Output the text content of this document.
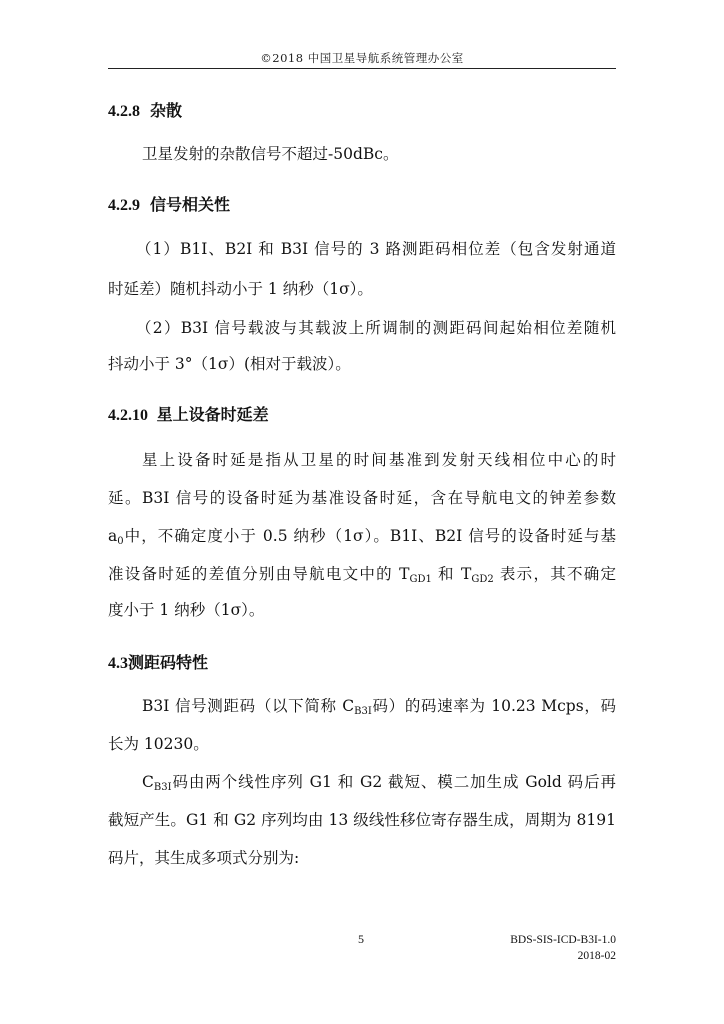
©2018 中国卫星导航系统管理办公室
4.2.8 杂散
卫星发射的杂散信号不超过-50dBc。
4.2.9 信号相关性
（1）B1I、B2I 和 B3I 信号的 3 路测距码相位差（包含发射通道
时延差）随机抖动小于 1 纳秒（1σ）。
（2）B3I 信号载波与其载波上所调制的测距码间起始相位差随机
抖动小于 3°（1σ）(相对于载波）。
4.2.10 星上设备时延差
星上设备时延是指从卫星的时间基准到发射天线相位中心的时
延。B3I 信号的设备时延为基准设备时延，含在导航电文的钟差参数
$a_0$中，不确定度小于 0.5 纳秒（1σ）。B1I、B2I 信号的设备时延与基
准设备时延的差值分别由导航电文中的 $T_{GD1}$ 和 $T_{GD2}$ 表示，其不确定
度小于 1 纳秒（1σ）。
4.3测距码特性
B3I 信号测距码（以下简称 $C_{B3I}$码）的码速率为 10.23 Mcps，码
长为 10230。
$C_{B3I}$码由两个线性序列 G1 和 G2 截短、模二加生成 Gold 码后再
截短产生。G1 和 G2 序列均由 13 级线性移位寄存器生成，周期为 8191
码片，其生成多项式分别为:
5	BDS-SIS-ICD-B3I-1.0
2018-02
